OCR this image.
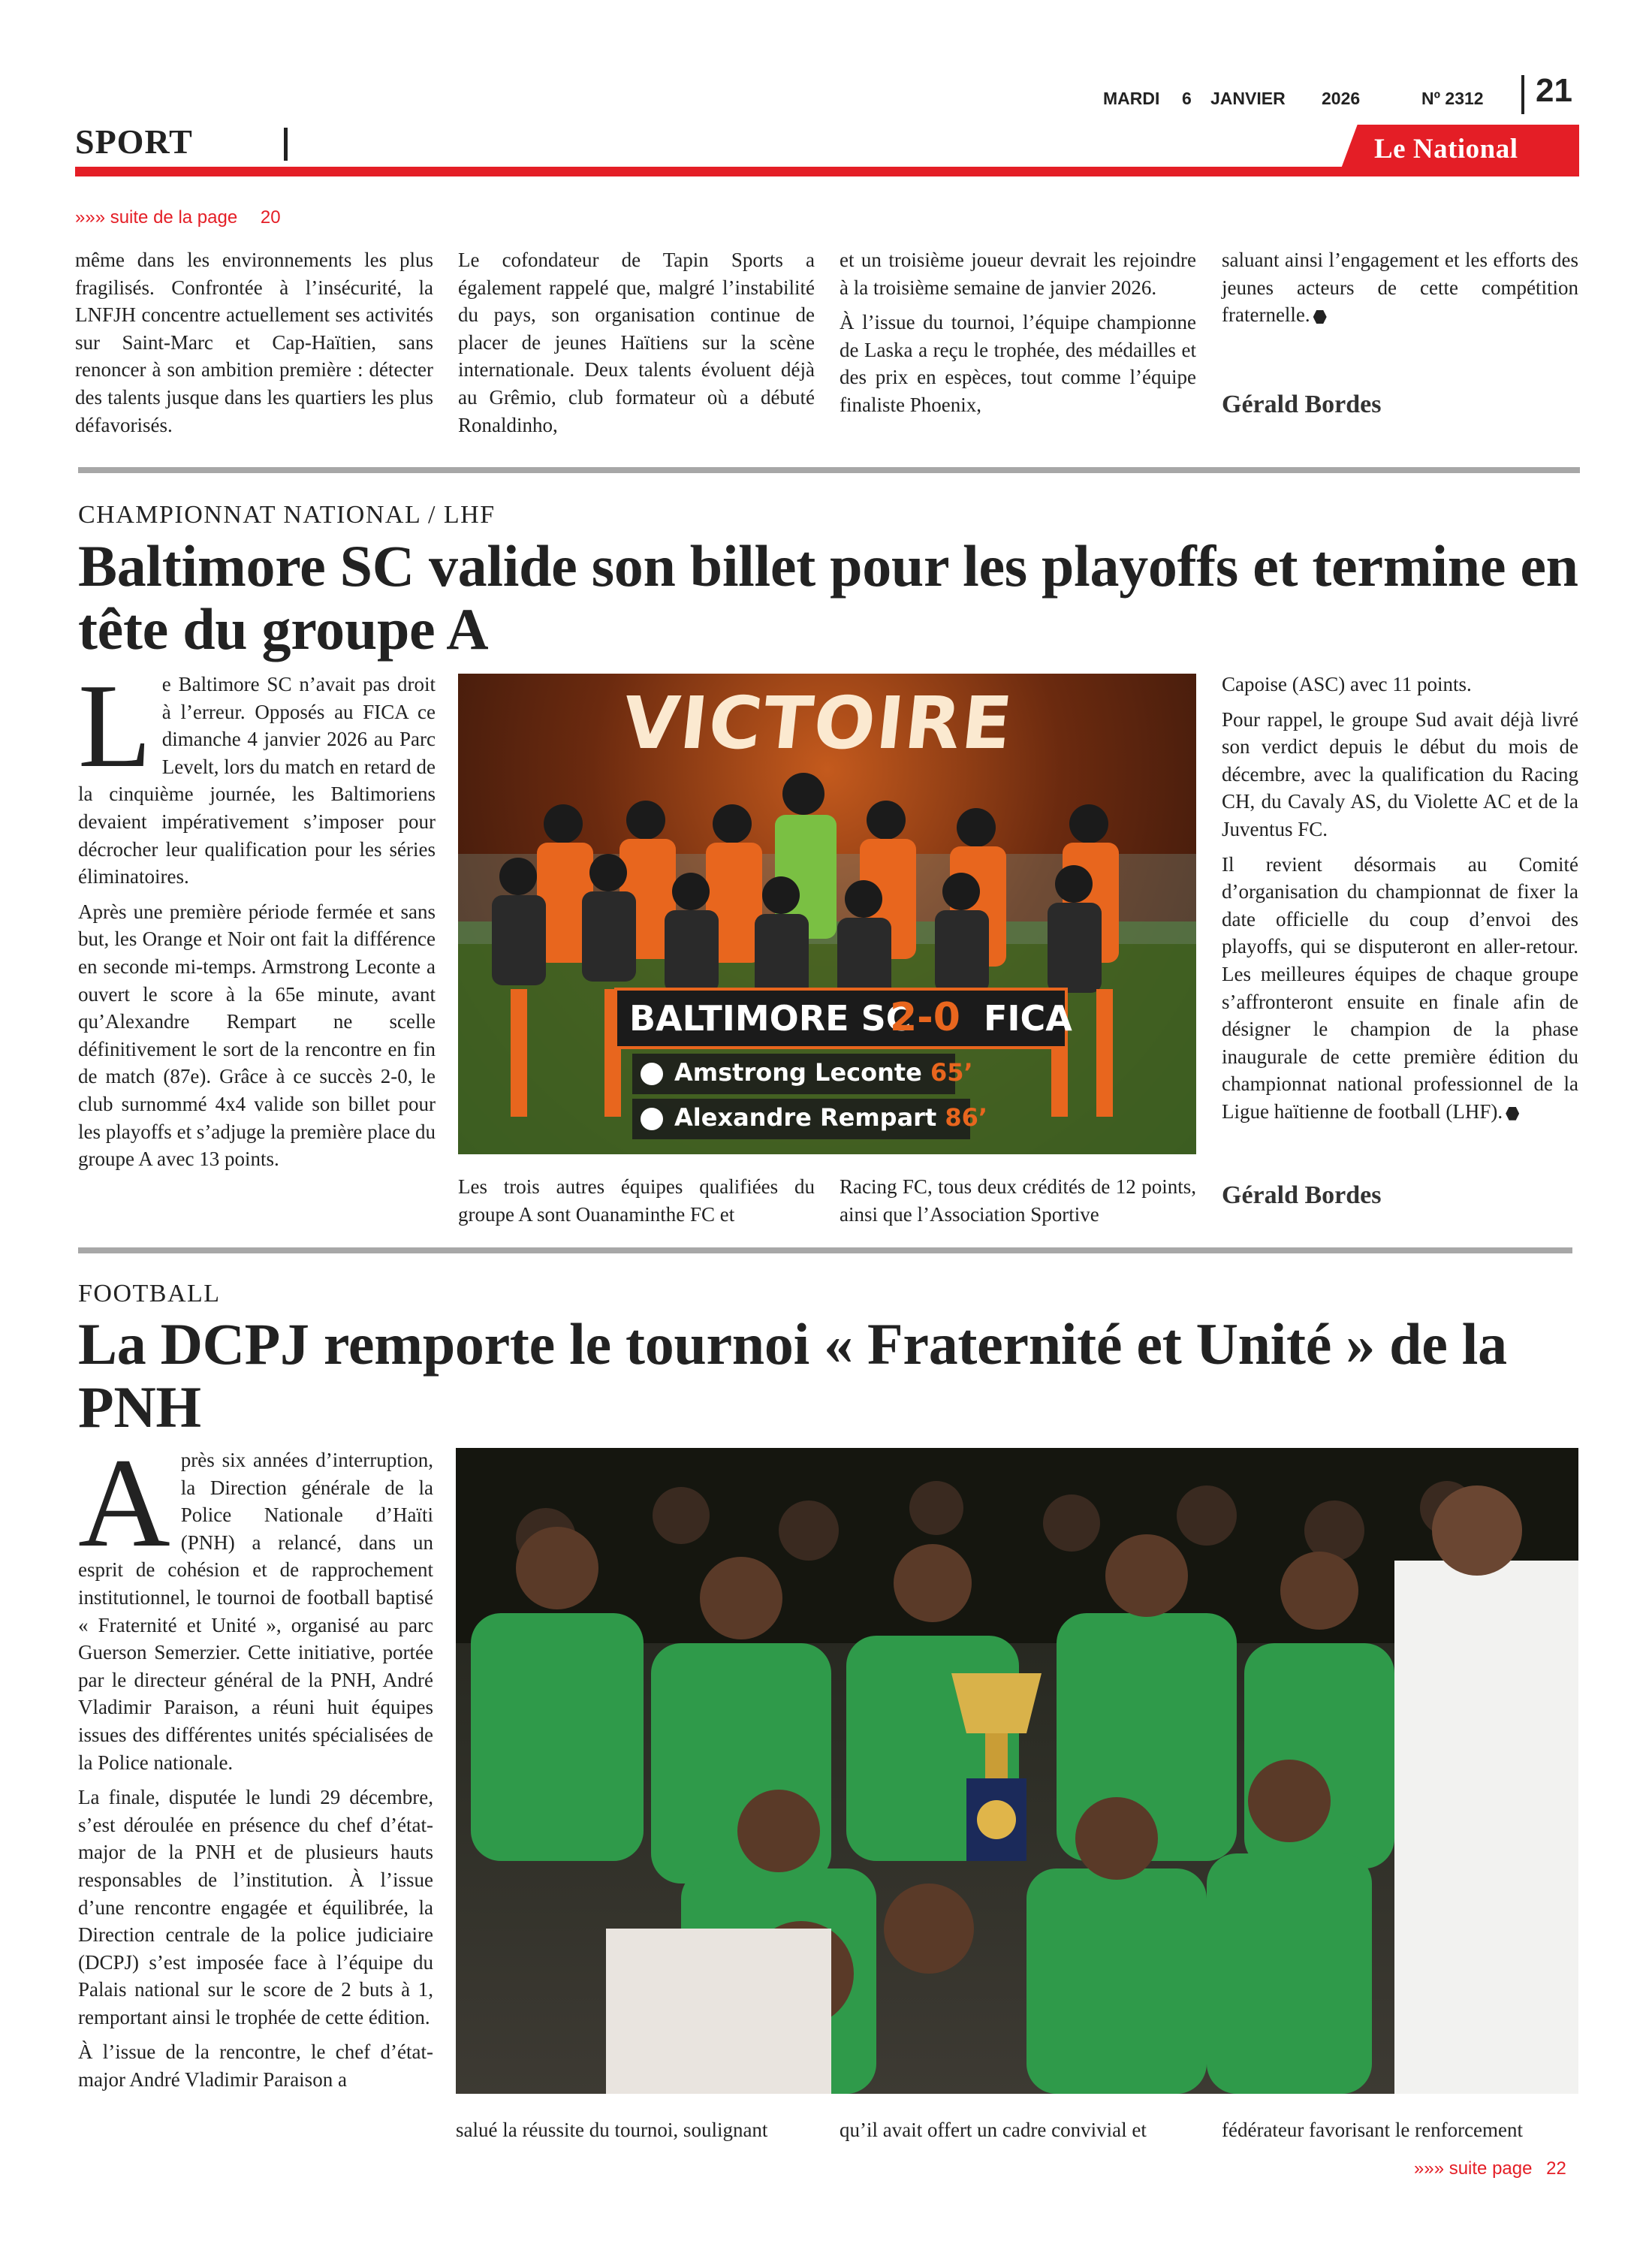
MARDI 6 JANVIER 2026	Nº 2312 21
SPORT	Le National
»»» suite de la page 20

même dans les environnements les plus fragilisés. Confrontée à l’insécurité, la LNFJH concentre actuellement ses activités sur Saint-Marc et Cap-Haïtien, sans renoncer à son ambition première : détecter des talents jusque dans les quartiers les plus défavorisés.

Le cofondateur de Tapin Sports a également rappelé que, malgré l’instabilité du pays, son organisation continue de placer de jeunes Haïtiens sur la scène internationale. Deux talents évoluent déjà au Grêmio, club formateur où a débuté Ronaldinho,

et un troisième joueur devrait les rejoindre à la troisième semaine de janvier 2026.

À l’issue du tournoi, l’équipe championne de Laska a reçu le trophée, des médailles et des prix en espèces, tout comme l’équipe finaliste Phoenix,

saluant ainsi l’engagement et les efforts des jeunes acteurs de cette compétition fraternelle.

Gérald Bordes
CHAMPIONNAT NATIONAL / LHF
Baltimore SC valide son billet pour les playoffs et termine en tête du groupe A

Le Baltimore SC n’avait pas droit à l’erreur. Opposés au FICA ce dimanche 4 janvier 2026 au Parc Levelt, lors du match en retard de la cinquième journée, les Baltimoriens devaient impérativement s’imposer pour décrocher leur qualification pour les séries éliminatoires.

Après une première période fermée et sans but, les Orange et Noir ont fait la différence en seconde mi-temps. Armstrong Leconte a ouvert le score à la 65e minute, avant qu’Alexandre Rempart ne scelle définitivement le sort de la rencontre en fin de match (87e). Grâce à ce succès 2-0, le club surnommé 4x4 valide son billet pour les playoffs et s’adjuge la première place du groupe A avec 13 points.

VICTOIRE
BALTIMORE SC
2-0 FICA
Amstrong Leconte 65’
Alexandre Rempart 86’

Les trois autres équipes qualifiées du groupe A sont Ouanaminthe FC et

Racing FC, tous deux crédités de 12 points, ainsi que l’Association Sportive

Capoise (ASC) avec 11 points.

Pour rappel, le groupe Sud avait déjà livré son verdict depuis le début du mois de décembre, avec la qualification du Racing CH, du Cavaly AS, du Violette AC et de la Juventus FC.

Il revient désormais au Comité d’organisation du championnat de fixer la date officielle du coup d’envoi des playoffs, qui se disputeront en aller-retour. Les meilleures équipes de chaque groupe s’affronteront ensuite en finale afin de désigner le champion de la phase inaugurale de cette première édition du championnat national professionnel de la Ligue haïtienne de football (LHF).

Gérald Bordes
FOOTBALL
La DCPJ remporte le tournoi « Fraternité et Unité » de la
PNH

Après six années d’interruption, la Direction générale de la Police Nationale d’Haïti (PNH) a relancé, dans un esprit de cohésion et de rapprochement institutionnel, le tournoi de football baptisé « Fraternité et Unité », organisé au parc Guerson Semerzier. Cette initiative, portée par le directeur général de la PNH, André Vladimir Paraison, a réuni huit équipes issues des différentes unités spécialisées de la Police nationale.

La finale, disputée le lundi 29 décembre, s’est déroulée en présence du chef d’état-major de la PNH et de plusieurs hauts responsables de l’institution. À l’issue d’une rencontre engagée et équilibrée, la Direction centrale de la police judiciaire (DCPJ) s’est imposée face à l’équipe du Palais national sur le score de 2 buts à 1, remportant ainsi le trophée de cette édition.

À l’issue de la rencontre, le chef d’état-major André Vladimir Paraison a

salué la réussite du tournoi, soulignant	qu’il avait offert un cadre convivial et	fédérateur favorisant le renforcement

»»» suite page 22
